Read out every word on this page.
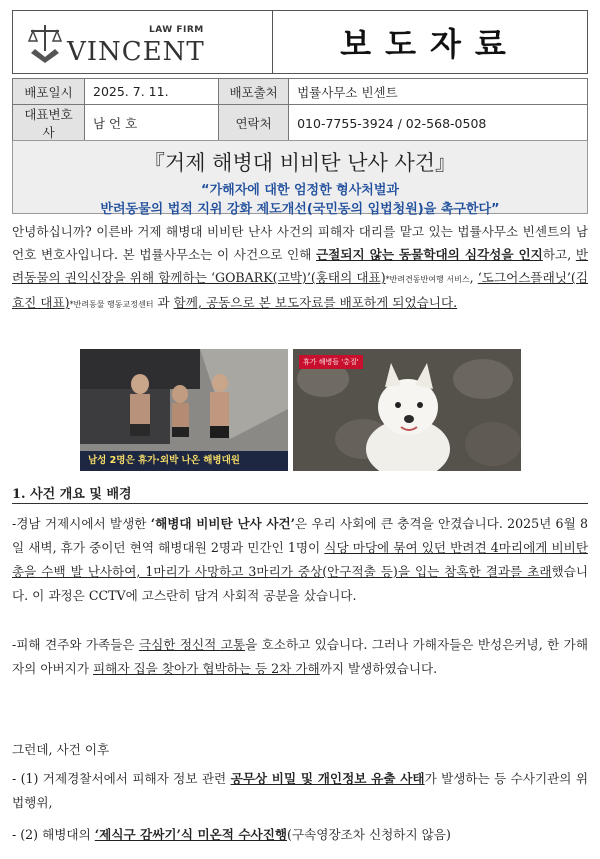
LAW FIRM
VINCENT	보도자료
배포일시	2025. 7. 11.	배포출처	법률사무소 빈센트
대표변호사	남 언 호	연락처	010-7755-3924 / 02-568-0508
『거제 해병대 비비탄 난사 사건』
“가해자에 대한 엄정한 형사처벌과
반려동물의 법적 지위 강화 제도개선(국민동의 입법청원)을 촉구한다”
안녕하십니까? 이른바 거제 해병대 비비탄 난사 사건의 피해자 대리를 맡고 있는 법률사무소 빈센트의 남언호 변호사입니다. 본 법률사무소는 이 사건으로 인해 근절되지 않는 동물학대의 심각성을 인지하고, 반려동물의 권익신장을 위해 함께하는 ‘GOBARK(고박)’(홍태의 대표)*반려견동반여행 서비스, ‘도그어스플래닛’(김효진 대표)*반려동물 행동교정센터 과 함께, 공동으로 본 보도자료를 배포하게 되었습니다.
남성 2명은 휴가·외박 나온 해병대원
휴가 해병들 '총질'
1. 사건 개요 및 배경
-경남 거제시에서 발생한 ‘해병대 비비탄 난사 사건’은 우리 사회에 큰 충격을 안겼습니다. 2025년 6월 8일 새벽, 휴가 중이던 현역 해병대원 2명과 민간인 1명이 식당 마당에 묶여 있던 반려견 4마리에게 비비탄 총을 수백 발 난사하여, 1마리가 사망하고 3마리가 중상(안구적출 등)을 입는 참혹한 결과를 초래했습니다. 이 과정은 CCTV에 고스란히 담겨 사회적 공분을 샀습니다.
-피해 견주와 가족들은 극심한 정신적 고통을 호소하고 있습니다. 그러나 가해자들은 반성은커녕, 한 가해자의 아버지가 피해자 집을 찾아가 협박하는 등 2차 가해까지 발생하였습니다.
그런데, 사건 이후
- (1) 거제경찰서에서 피해자 정보 관련 공무상 비밀 및 개인정보 유출 사태가 발생하는 등 수사기관의 위법행위,
- (2) 해병대의 ‘제식구 감싸기’식 미온적 수사진행(구속영장조차 신청하지 않음)
